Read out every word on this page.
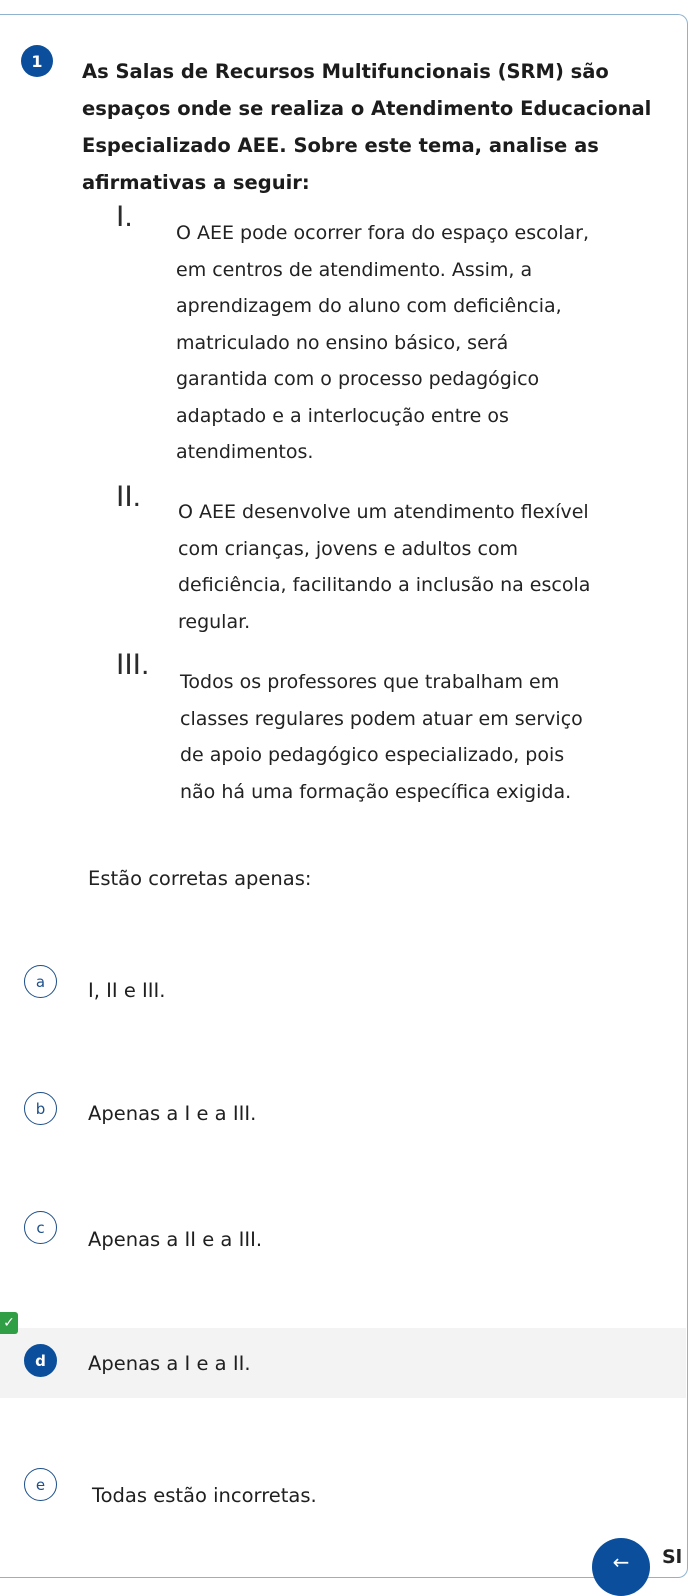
1	As Salas de Recursos Multifuncionais (SRM) são espaços onde se realiza o Atendimento Educacional Especializado AEE. Sobre este tema, analise as afirmativas a seguir:

I. O AEE pode ocorrer fora do espaço escolar, em centros de atendimento. Assim, a aprendizagem do aluno com deficiência, matriculado no ensino básico, será garantida com o processo pedagógico adaptado e a interlocução entre os atendimentos.

II. O AEE desenvolve um atendimento flexível com crianças, jovens e adultos com deficiência, facilitando a inclusão na escola regular.

III.

Todos os professores que trabalham em classes regulares podem atuar em serviço de apoio pedagógico especializado, pois não há uma formação específica exigida.

Estão corretas apenas:

a	I, II e III.
b	Apenas a I e a III.
c
Apenas a II e a III.
d	Apenas a I e a II.
✓
e	Todas estão incorretas.
← Sl
